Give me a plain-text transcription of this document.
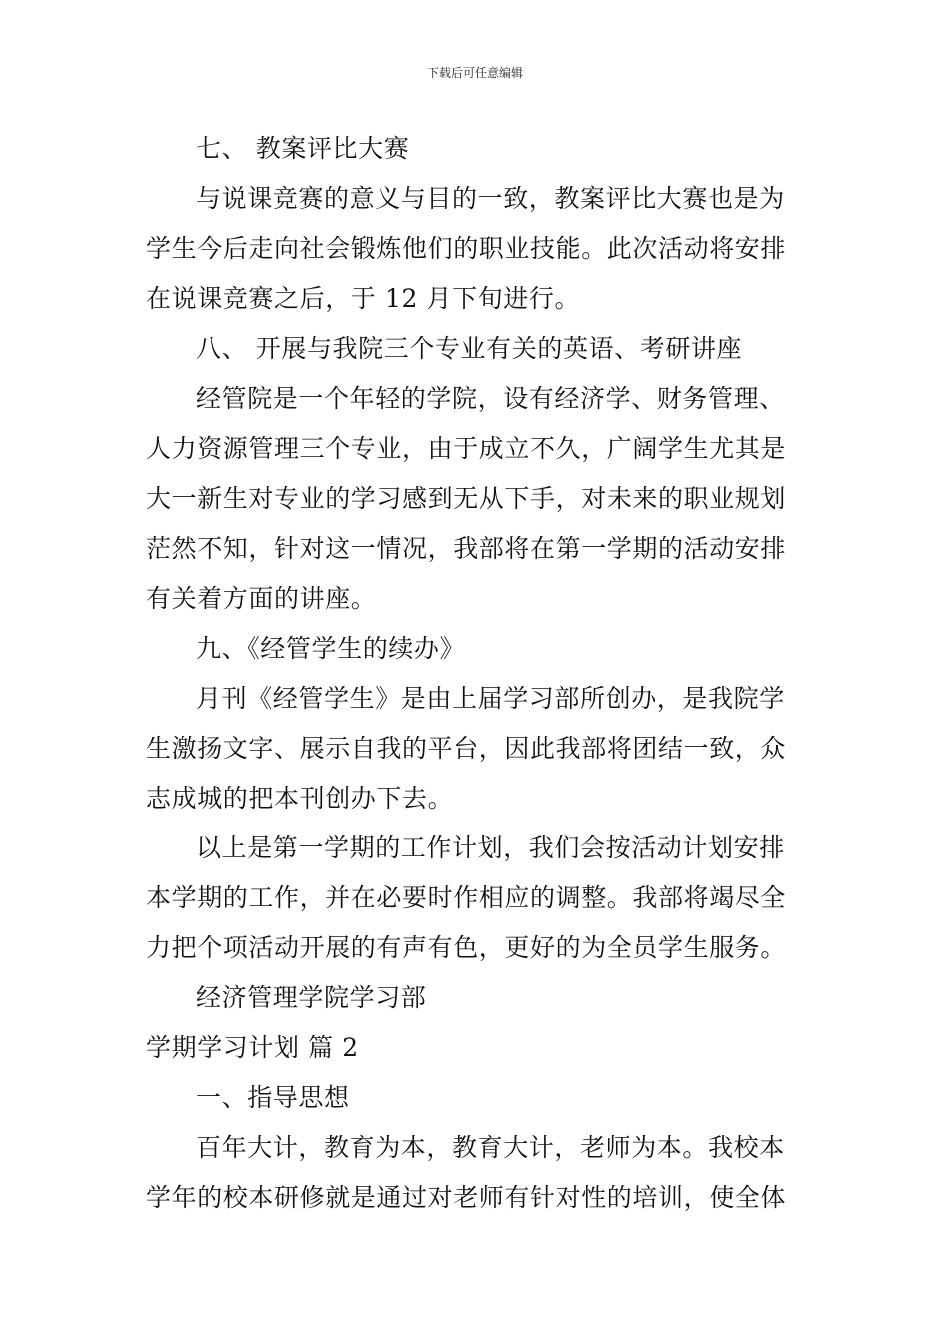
下载后可任意编辑
七、 教案评比大赛
与说课竞赛的意义与目的一致，教案评比大赛也是为
学生今后走向社会锻炼他们的职业技能。此次活动将安排
在说课竞赛之后，于 12 月下旬进行。
八、 开展与我院三个专业有关的英语、考研讲座
经管院是一个年轻的学院，设有经济学、财务管理、
人力资源管理三个专业，由于成立不久，广阔学生尤其是
大一新生对专业的学习感到无从下手，对未来的职业规划
茫然不知，针对这一情况，我部将在第一学期的活动安排
有关着方面的讲座。
九、《经管学生的续办》
月刊《经管学生》是由上届学习部所创办，是我院学
生激扬文字、展示自我的平台，因此我部将团结一致，众
志成城的把本刊创办下去。
以上是第一学期的工作计划，我们会按活动计划安排
本学期的工作，并在必要时作相应的调整。我部将竭尽全
力把个项活动开展的有声有色，更好的为全员学生服务。
经济管理学院学习部
学期学习计划 篇 2
一、指导思想
百年大计，教育为本，教育大计，老师为本。我校本
学年的校本研修就是通过对老师有针对性的培训，使全体
